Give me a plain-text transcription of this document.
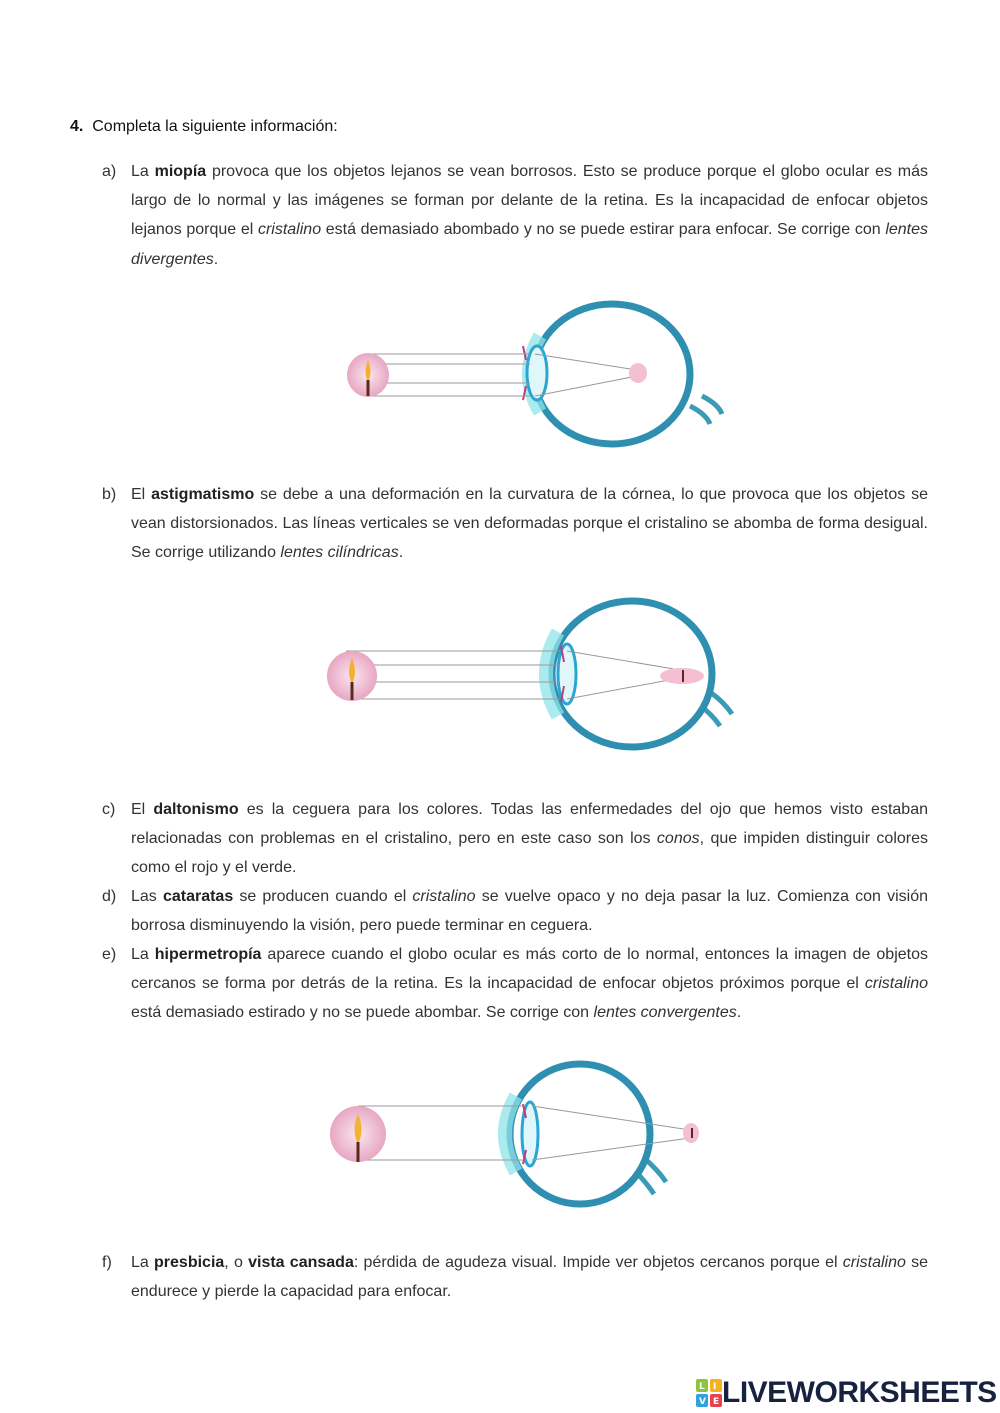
4. Completa la siguiente información:
a) La miopía provoca que los objetos lejanos se vean borrosos. Esto se produce porque el globo ocular es más largo de lo normal y las imágenes se forman por delante de la retina. Es la incapacidad de enfocar objetos lejanos porque el cristalino está demasiado abombado y no se puede estirar para enfocar. Se corrige con lentes divergentes.
b) El astigmatismo se debe a una deformación en la curvatura de la córnea, lo que provoca que los objetos se vean distorsionados. Las líneas verticales se ven deformadas porque el cristalino se abomba de forma desigual. Se corrige utilizando lentes cilíndricas.
c) El daltonismo es la ceguera para los colores. Todas las enfermedades del ojo que hemos visto estaban relacionadas con problemas en el cristalino, pero en este caso son los conos, que impiden distinguir colores como el rojo y el verde.
d) Las cataratas se producen cuando el cristalino se vuelve opaco y no deja pasar la luz. Comienza con visión borrosa disminuyendo la visión, pero puede terminar en ceguera.
e) La hipermetropía aparece cuando el globo ocular es más corto de lo normal, entonces la imagen de objetos cercanos se forma por detrás de la retina. Es la incapacidad de enfocar objetos próximos porque el cristalino está demasiado estirado y no se puede abombar. Se corrige con lentes convergentes.
f)	La presbicia, o vista cansada: pérdida de agudeza visual. Impide ver objetos cercanos porque el cristalino se endurece y pierde la capacidad para enfocar.
L I
V E LIVEWORKSHEETS
